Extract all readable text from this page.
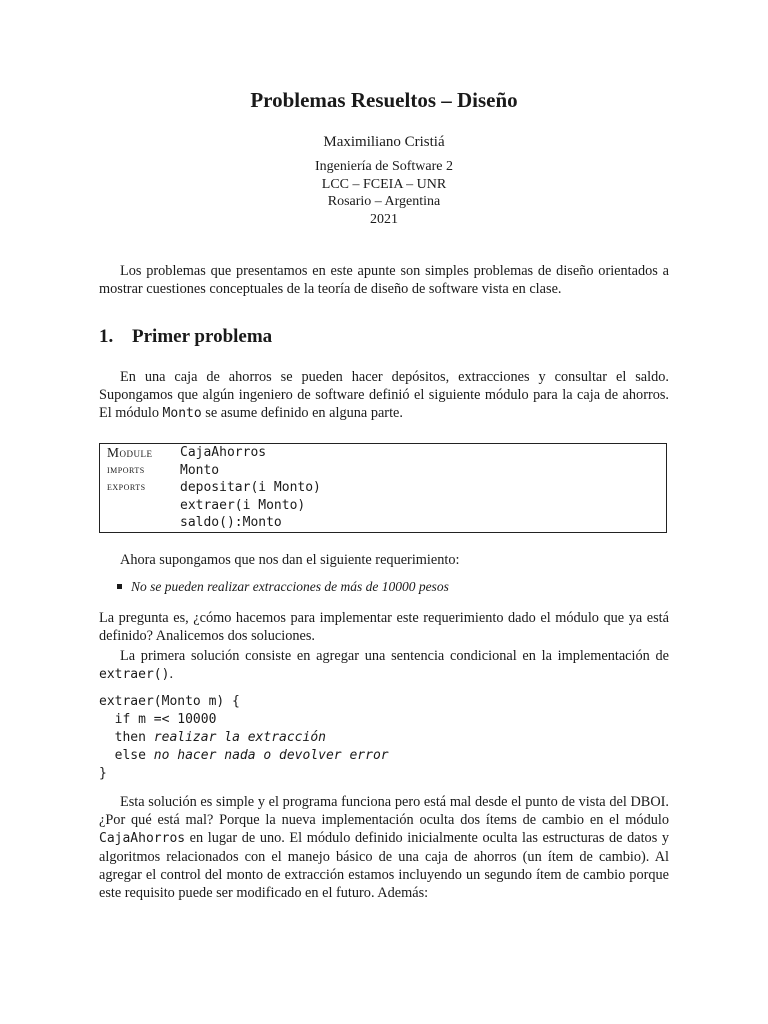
Problemas Resueltos – Diseño
Maximiliano Cristiá
Ingeniería de Software 2
LCC – FCEIA – UNR
Rosario – Argentina
2021
Los problemas que presentamos en este apunte son simples problemas de diseño orientados a mostrar cuestiones conceptuales de la teoría de diseño de software vista en clase.
1. Primer problema
En una caja de ahorros se pueden hacer depósitos, extracciones y consultar el saldo. Supongamos que algún ingeniero de software definió el siguiente módulo para la caja de ahorros. El módulo Monto se asume definido en alguna parte.
Module	CajaAhorros
imports	Monto
exports	depositar(i Monto)
extraer(i Monto)
saldo():Monto
Ahora supongamos que nos dan el siguiente requerimiento:
No se pueden realizar extracciones de más de 10000 pesos
La pregunta es, ¿cómo hacemos para implementar este requerimiento dado el módulo que ya está definido? Analicemos dos soluciones.
La primera solución consiste en agregar una sentencia condicional en la implementación de extraer().
extraer(Monto m) {
if m =< 10000
then realizar la extracción
else no hacer nada o devolver error
}
Esta solución es simple y el programa funciona pero está mal desde el punto de vista del DBOI. ¿Por qué está mal? Porque la nueva implementación oculta dos ítems de cambio en el módulo CajaAhorros en lugar de uno. El módulo definido inicialmente oculta las estructuras de datos y algoritmos relacionados con el manejo básico de una caja de ahorros (un ítem de cambio). Al agregar el control del monto de extracción estamos incluyendo un segundo ítem de cambio porque este requisito puede ser modificado en el futuro. Además:
